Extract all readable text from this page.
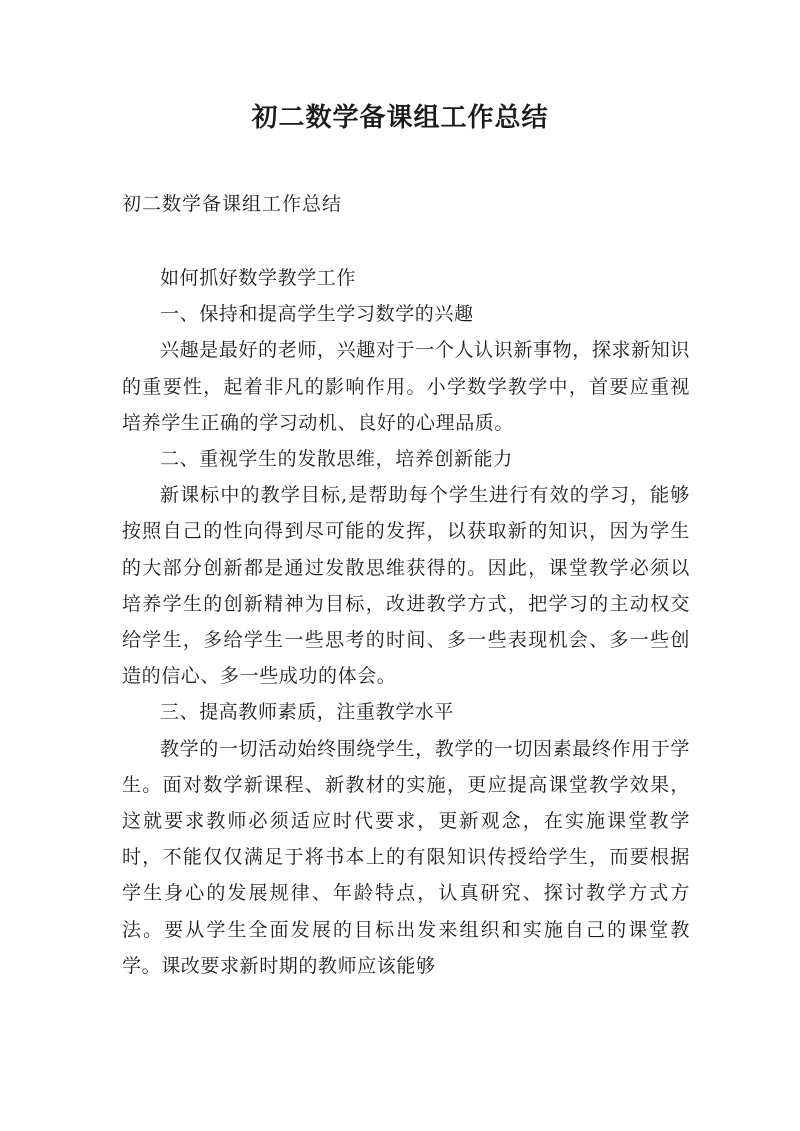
初二数学备课组工作总结
初二数学备课组工作总结

如何抓好数学教学工作

一、保持和提高学生学习数学的兴趣

兴趣是最好的老师，兴趣对于一个人认识新事物，探求新知识的重要性，起着非凡的影响作用。小学数学教学中，首要应重视培养学生正确的学习动机、良好的心理品质。

二、重视学生的发散思维，培养创新能力

新课标中的教学目标,是帮助每个学生进行有效的学习，能够按照自己的性向得到尽可能的发挥，以获取新的知识，因为学生的大部分创新都是通过发散思维获得的。因此，课堂教学必须以培养学生的创新精神为目标，改进教学方式，把学习的主动权交给学生，多给学生一些思考的时间、多一些表现机会、多一些创造的信心、多一些成功的体会。

三、提高教师素质，注重教学水平

教学的一切活动始终围绕学生，教学的一切因素最终作用于学生。面对数学新课程、新教材的实施，更应提高课堂教学效果，这就要求教师必须适应时代要求，更新观念，在实施课堂教学时，不能仅仅满足于将书本上的有限知识传授给学生，而要根据学生身心的发展规律、年龄特点，认真研究、探讨教学方式方法。要从学生全面发展的目标出发来组织和实施自己的课堂教学。课改要求新时期的教师应该能够
